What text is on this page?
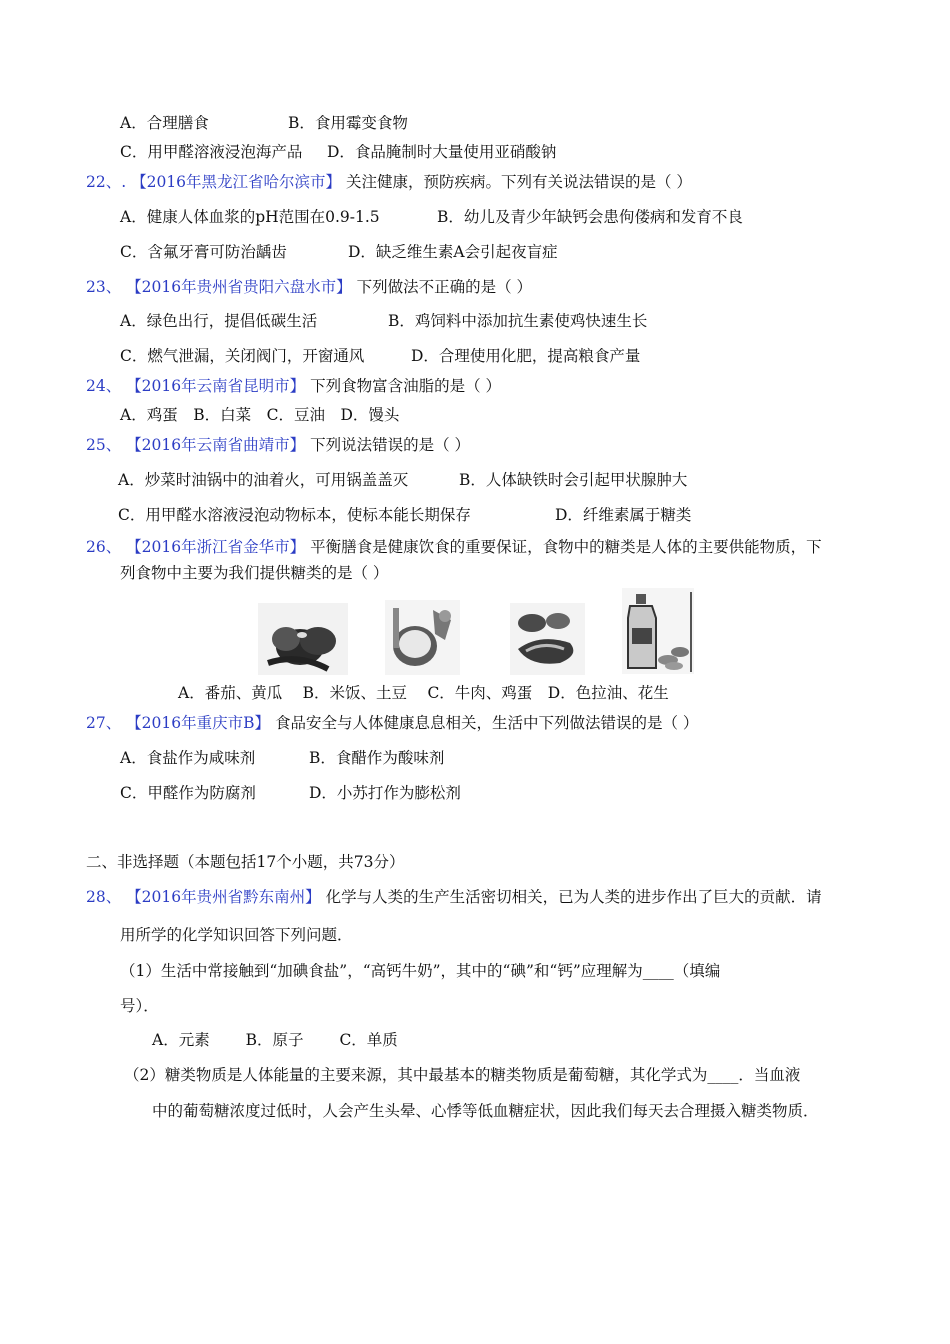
A．合理膳食	B．食用霉变食物
C．用甲醛溶液浸泡海产品 D．食品腌制时大量使用亚硝酸钠
22、. 【2016年黑龙江省哈尔滨市】 关注健康，预防疾病。下列有关说法错误的是（ ）
A．健康人体血浆的pH范围在0.9-1.5	B．幼儿及青少年缺钙会患佝偻病和发育不良
C．含氟牙膏可防治龋齿	D．缺乏维生素A会引起夜盲症
23、 【2016年贵州省贵阳六盘水市】 下列做法不正确的是（ ）
A．绿色出行，提倡低碳生活	B．鸡饲料中添加抗生素使鸡快速生长
C．燃气泄漏，关闭阀门，开窗通风	D．合理使用化肥，提高粮食产量
24、 【2016年云南省昆明市】 下列食物富含油脂的是（ ）
A．鸡蛋　B．白菜　C．豆油　D．馒头
25、 【2016年云南省曲靖市】 下列说法错误的是（ ）
A．炒菜时油锅中的油着火，可用锅盖盖灭	B．人体缺铁时会引起甲状腺肿大
C．用甲醛水溶液浸泡动物标本，使标本能长期保存	D．纤维素属于糖类
26、 【2016年浙江省金华市】 平衡膳食是健康饮食的重要保证，食物中的糖类是人体的主要供能物质，下
列食物中主要为我们提供糖类的是（ ）
A．番茄、黄瓜　 B．米饭、土豆　 C．牛肉、鸡蛋　D．色拉油、花生
27、 【2016年重庆市B】 食品安全与人体健康息息相关，生活中下列做法错误的是（ ）
A．食盐作为咸味剂	B．食醋作为酸味剂
C．甲醛作为防腐剂	D．小苏打作为膨松剂
二、非选择题（本题包括17个小题，共73分）
28、 【2016年贵州省黔东南州】 化学与人类的生产生活密切相关，已为人类的进步作出了巨大的贡献．请
用所学的化学知识回答下列问题．
（1）生活中常接触到“加碘食盐”，“高钙牛奶”，其中的“碘”和“钙”应理解为____（填编
号）．
A．元素　　 B．原子　　 C．单质
（2）糖类物质是人体能量的主要来源，其中最基本的糖类物质是葡萄糖，其化学式为____．当血液
中的葡萄糖浓度过低时，人会产生头晕、心悸等低血糖症状，因此我们每天去合理摄入糖类物质．
